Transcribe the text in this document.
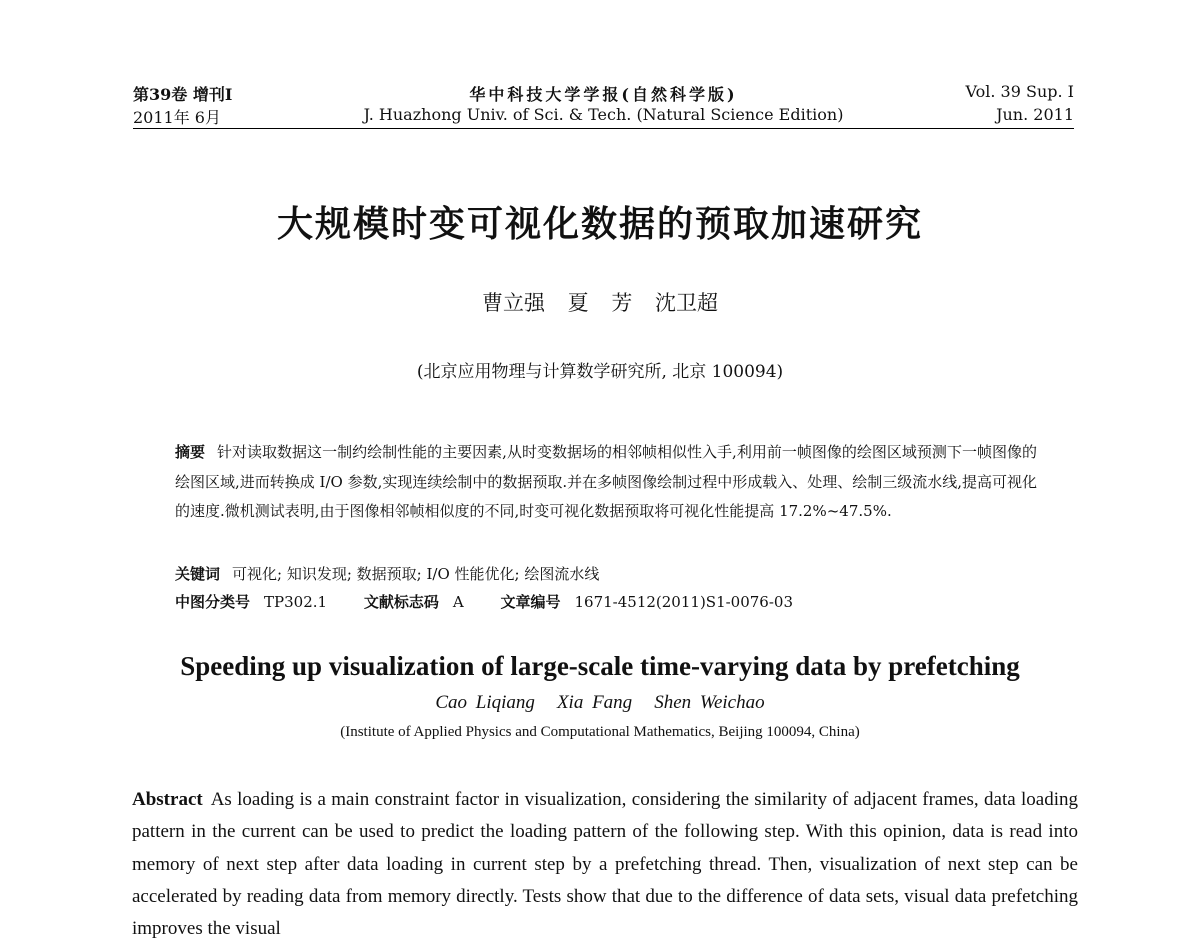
第39卷 增刊Ⅰ	华中科技大学学报(自然科学版)	Vol. 39 Sup. Ⅰ
2011年 6月	J. Huazhong Univ. of Sci. & Tech. (Natural Science Edition)	Jun. 2011
大规模时变可视化数据的预取加速研究
曹立强 夏 芳 沈卫超
(北京应用物理与计算数学研究所, 北京 100094)
摘要 针对读取数据这一制约绘制性能的主要因素,从时变数据场的相邻帧相似性入手,利用前一帧图像的绘图区域预测下一帧图像的绘图区域,进而转换成 I/O 参数,实现连续绘制中的数据预取.并在多帧图像绘制过程中形成载入、处理、绘制三级流水线,提高可视化的速度.微机测试表明,由于图像相邻帧相似度的不同,时变可视化数据预取将可视化性能提高 17.2%~47.5%.
关键词 可视化; 知识发现; 数据预取; I/O 性能优化; 绘图流水线
中图分类号 TP302.1 文献标志码 A 文章编号 1671-4512(2011)S1-0076-03
Speeding up visualization of large-scale time-varying data by prefetching
Cao Liqiang Xia Fang Shen Weichao
(Institute of Applied Physics and Computational Mathematics, Beijing 100094, China)
Abstract As loading is a main constraint factor in visualization, considering the similarity of adjacent frames, data loading pattern in the current can be used to predict the loading pattern of the following step. With this opinion, data is read into memory of next step after data loading in current step by a prefetching thread. Then, visualization of next step can be accelerated by reading data from memory directly. Tests show that due to the difference of data sets, visual data prefetching improves the visual
